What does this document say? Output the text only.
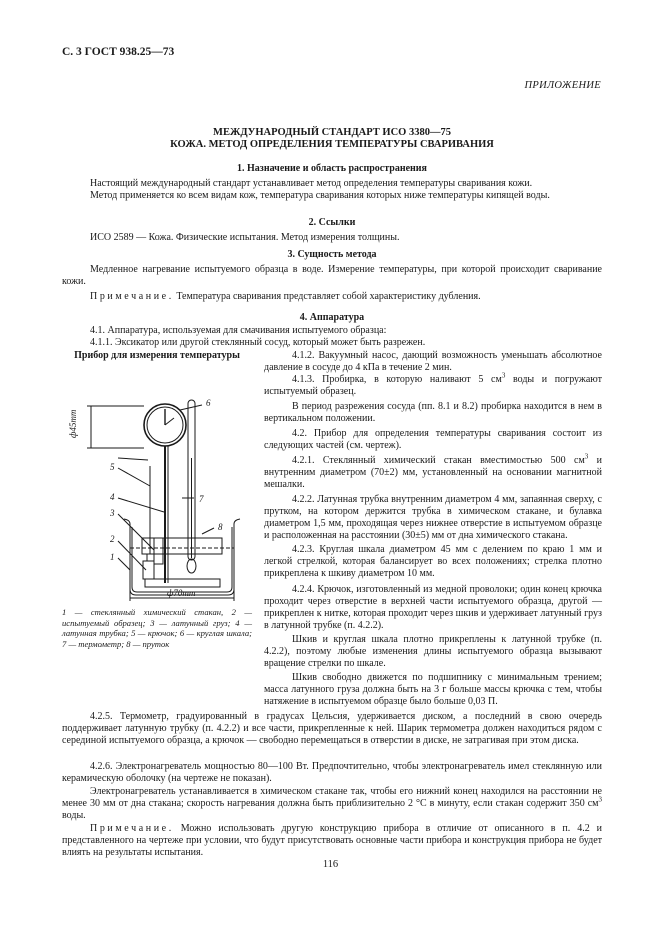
С. 3 ГОСТ 938.25—73
ПРИЛОЖЕНИЕ
МЕЖДУНАРОДНЫЙ СТАНДАРТ ИСО 3380—75
КОЖА. МЕТОД ОПРЕДЕЛЕНИЯ ТЕМПЕРАТУРЫ СВАРИВАНИЯ
1. Назначение и область распространения
Настоящий международный стандарт устанавливает метод определения температуры сваривания кожи.
Метод применяется ко всем видам кож, температура сваривания которых ниже температуры кипящей воды.
2. Ссылки
ИСО 2589 — Кожа. Физические испытания. Метод измерения толщины.
3. Сущность метода
Медленное нагревание испытуемого образца в воде. Измерение температуры, при которой происходит сваривание кожи.
Примечание. Температура сваривания представляет собой характеристику дубления.
4. Аппаратура
4.1. Аппаратура, используемая для смачивания испытуемого образца:
4.1.1. Эксикатор или другой стеклянный сосуд, который может быть разрежен.
Прибор для измерения температуры
ф45mm
ф70mm
6
5
4	7
3
8
2
1
1 — стеклянный химический стакан, 2 — испытуемый образец; 3 — латунный груз; 4 — латунная трубка; 5 — крючок; 6 — круглая шкала; 7 — термометр; 8 — пруток
4.1.2. Вакуумный насос, дающий возможность уменьшать абсолютное давление в сосуде до 4 кПа в течение 2 мин.
4.1.3. Пробирка, в которую наливают 5 $см^3$ воды и погружают испытуемый образец.
В период разрежения сосуда (пп. 8.1 и 8.2) пробирка находится в нем в вертикальном положении.
4.2. Прибор для определения температуры сваривания состоит из следующих частей (см. чертеж).
4.2.1. Стеклянный химический стакан вместимостью 500 $см^3$ и внутренним диаметром (70±2) мм, установленный на основании магнитной мешалки.
4.2.2. Латунная трубка внутренним диаметром 4 мм, запаянная сверху, с прутком, на котором держится трубка в химическом стакане, и булавка диаметром 1,5 мм, проходящая через нижнее отверстие в испытуемом образце и расположенная на расстоянии (30±5) мм от дна химического стакана.
4.2.3. Круглая шкала диаметром 45 мм с делением по краю 1 мм и легкой стрелкой, которая балансирует во всех положениях; стрелка плотно прикреплена к шкиву диаметром 10 мм.
4.2.4. Крючок, изготовленный из медной проволоки; один конец крючка проходит через отверстие в верхней части испытуемого образца, другой — прикреплен к нитке, которая проходит через шкив и удерживает латунный груз в латунной трубке (п. 4.2.2).
Шкив и круглая шкала плотно прикреплены к латунной трубке (п. 4.2.2), поэтому любые изменения длины испытуемого образца вызывают вращение стрелки по шкале.
Шкив свободно движется по подшипнику с минимальным трением; масса латунного груза должна быть на 3 г больше массы крючка с тем, чтобы натяжение в испытуемом образце было больше 0,03 П.
4.2.5. Термометр, градуированный в градусах Цельсия, удерживается диском, а последний в свою очередь поддерживает латунную трубку (п. 4.2.2) и все части, прикрепленные к ней. Шарик термометра должен находиться рядом с серединой испытуемого образца, а крючок — свободно перемещаться в отверстии в диске, не затрагивая при этом диска.
4.2.6. Электронагреватель мощностью 80—100 Вт. Предпочтительно, чтобы электронагреватель имел стеклянную или керамическую оболочку (на чертеже не показан).
Электронагреватель устанавливается в химическом стакане так, чтобы его нижний конец находился на расстоянии не менее 30 мм от дна стакана; скорость нагревания должна быть приблизительно 2 °С в минуту, если стакан содержит 350 $см^3$ воды.
Примечание. Можно использовать другую конструкцию прибора в отличие от описанного в п. 4.2 и представленного на чертеже при условии, что будут присутствовать основные части прибора и конструкция прибора не будет влиять на результаты испытания.
116
